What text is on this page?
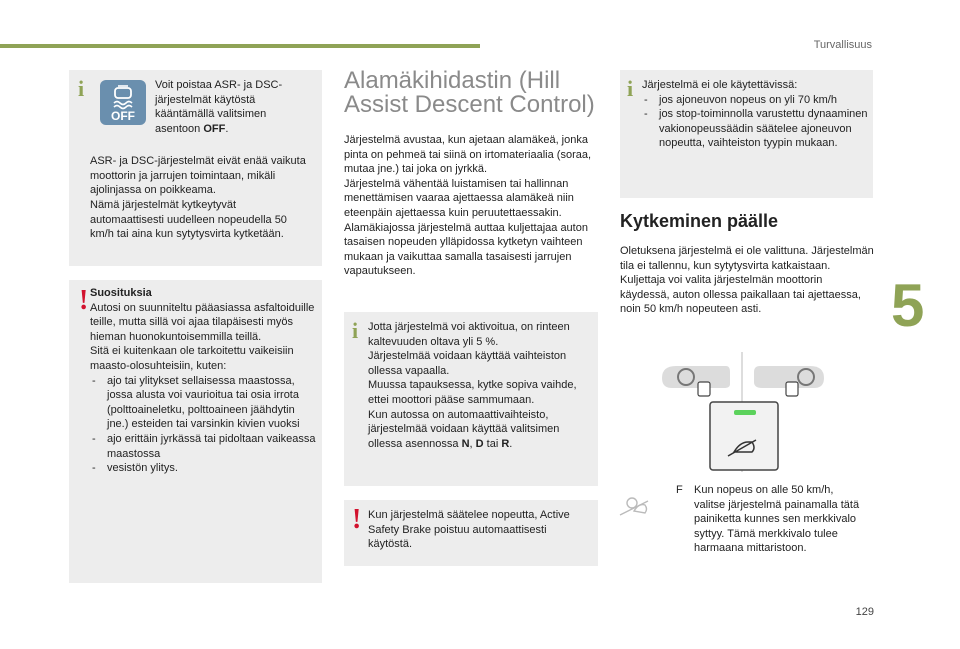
Turvallisuus
5
129
i
OFF

Voit poistaa ASR- ja DSC-järjestelmät käytöstä kääntämällä valitsimen asentoon OFF.

ASR- ja DSC-järjestelmät eivät enää vaikuta moottorin ja jarrujen toimintaan, mikäli ajolinjassa on poikkeama.

Nämä järjestelmät kytkeytyvät automaattisesti uudelleen nopeudella 50 km/h tai aina kun sytytysvirta kytketään.

! Suosituksia

Autosi on suunniteltu pääasiassa asfaltoiduille teille, mutta sillä voi ajaa tilapäisesti myös hieman huonokuntoisemmilla teillä.

Sitä ei kuitenkaan ole tarkoitettu vaikeisiin maasto-olosuhteisiin, kuten:

- ajo tai ylitykset sellaisessa maastossa, jossa alusta voi vaurioitua tai osia irrota (polttoaineletku, polttoaineen jäähdytin jne.) esteiden tai varsinkin kivien vuoksi
- ajo erittäin jyrkässä tai pidoltaan vaikeassa maastossa
- vesistön ylitys.
Alamäkihidastin (Hill
Assist Descent Control)

Järjestelmä avustaa, kun ajetaan alamäkeä, jonka pinta on pehmeä tai siinä on irtomateriaalia (soraa, mutaa jne.) tai joka on jyrkkä.

Järjestelmä vähentää luistamisen tai hallinnan menettämisen vaaraa ajettaessa alamäkeä niin eteenpäin ajettaessa kuin peruutettaessakin.

Alamäkiajossa järjestelmä auttaa kuljettajaa auton tasaisen nopeuden ylläpidossa kytketyn vaihteen mukaan ja vaikuttaa samalla tasaisesti jarrujen vapautukseen.

i Jotta järjestelmä voi aktivoitua, on rinteen kaltevuuden oltava yli 5 %.

Järjestelmää voidaan käyttää vaihteiston ollessa vapaalla.

Muussa tapauksessa, kytke sopiva vaihde, ettei moottori pääse sammumaan.

Kun autossa on automaattivaihteisto, järjestelmää voidaan käyttää valitsimen ollessa asennossa N, D tai R.

! Kun järjestelmä säätelee nopeutta, Active Safety Brake poistuu automaattisesti käytöstä.

i Järjestelmä ei ole käytettävissä:

- jos ajoneuvon nopeus on yli 70 km/h
- jos stop-toiminnolla varustettu dynaaminen vakionopeussäädin säätelee ajoneuvon nopeutta, vaihteiston tyypin mukaan.
Kytkeminen päälle

Oletuksena järjestelmä ei ole valittuna. Järjestelmän tila ei tallennu, kun sytytysvirta katkaistaan.

Kuljettaja voi valita järjestelmän moottorin käydessä, auton ollessa paikallaan tai ajettaessa, noin 50 km/h nopeuteen asti.

F Kun nopeus on alle 50 km/h, valitse järjestelmä painamalla tätä painiketta kunnes sen merkkivalo syttyy. Tämä merkkivalo tulee harmaana mittaristoon.
